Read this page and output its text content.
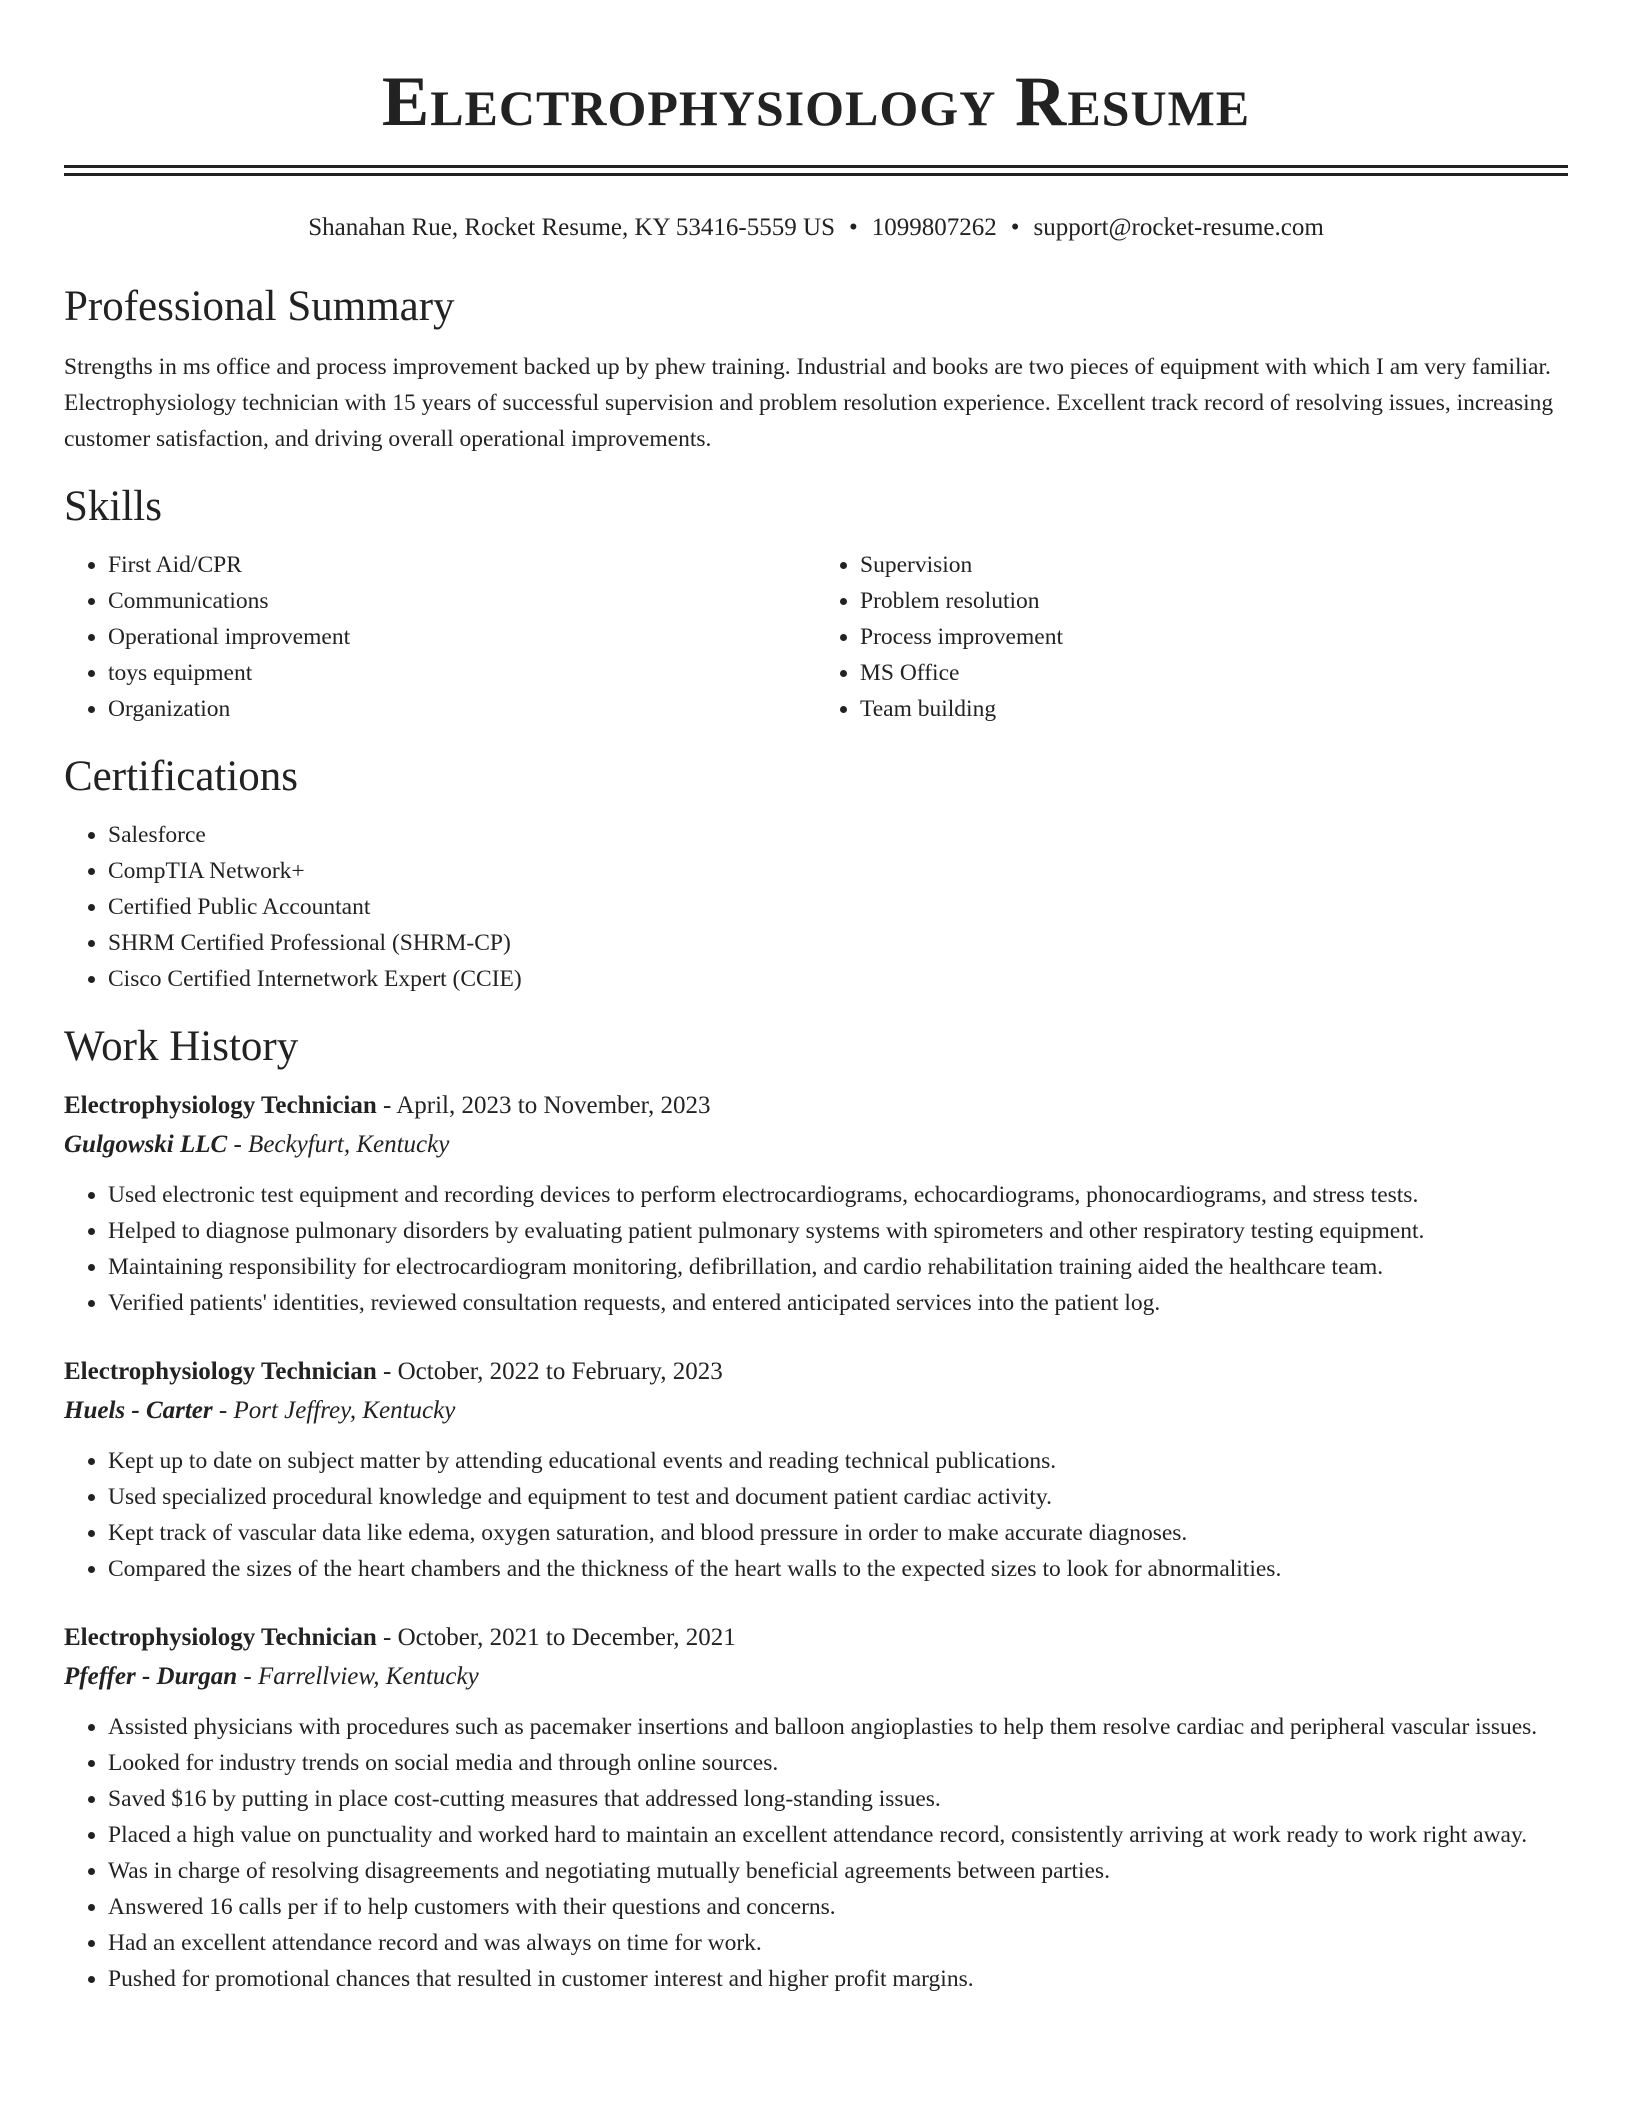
Electrophysiology Resume
Shanahan Rue, Rocket Resume, KY 53416-5559 US • 1099807262 • support@rocket-resume.com
Professional Summary

Strengths in ms office and process improvement backed up by phew training. Industrial and books are two pieces of equipment with which I am very familiar. Electrophysiology technician with 15 years of successful supervision and problem resolution experience. Excellent track record of resolving issues, increasing customer satisfaction, and driving overall operational improvements.

Skills
• First Aid/CPR
• Communications
• Operational improvement
• toys equipment
• Organization
• Supervision
• Problem resolution
• Process improvement
• MS Office
• Team building
Certifications
• Salesforce
• CompTIA Network+
• Certified Public Accountant
• SHRM Certified Professional (SHRM-CP)
• Cisco Certified Internetwork Expert (CCIE)
Work History
Electrophysiology Technician - April, 2023 to November, 2023
Gulgowski LLC - Beckyfurt, Kentucky
• Used electronic test equipment and recording devices to perform electrocardiograms, echocardiograms, phonocardiograms, and stress tests.
• Helped to diagnose pulmonary disorders by evaluating patient pulmonary systems with spirometers and other respiratory testing equipment.
• Maintaining responsibility for electrocardiogram monitoring, defibrillation, and cardio rehabilitation training aided the healthcare team.
• Verified patients' identities, reviewed consultation requests, and entered anticipated services into the patient log.
Electrophysiology Technician - October, 2022 to February, 2023
Huels - Carter - Port Jeffrey, Kentucky
• Kept up to date on subject matter by attending educational events and reading technical publications.
• Used specialized procedural knowledge and equipment to test and document patient cardiac activity.
• Kept track of vascular data like edema, oxygen saturation, and blood pressure in order to make accurate diagnoses.
• Compared the sizes of the heart chambers and the thickness of the heart walls to the expected sizes to look for abnormalities.
Electrophysiology Technician - October, 2021 to December, 2021
Pfeffer - Durgan - Farrellview, Kentucky
• Assisted physicians with procedures such as pacemaker insertions and balloon angioplasties to help them resolve cardiac and peripheral vascular issues.
• Looked for industry trends on social media and through online sources.
• Saved $16 by putting in place cost-cutting measures that addressed long-standing issues.
• Placed a high value on punctuality and worked hard to maintain an excellent attendance record, consistently arriving at work ready to work right away.
• Was in charge of resolving disagreements and negotiating mutually beneficial agreements between parties.
• Answered 16 calls per if to help customers with their questions and concerns.
• Had an excellent attendance record and was always on time for work.
• Pushed for promotional chances that resulted in customer interest and higher profit margins.
